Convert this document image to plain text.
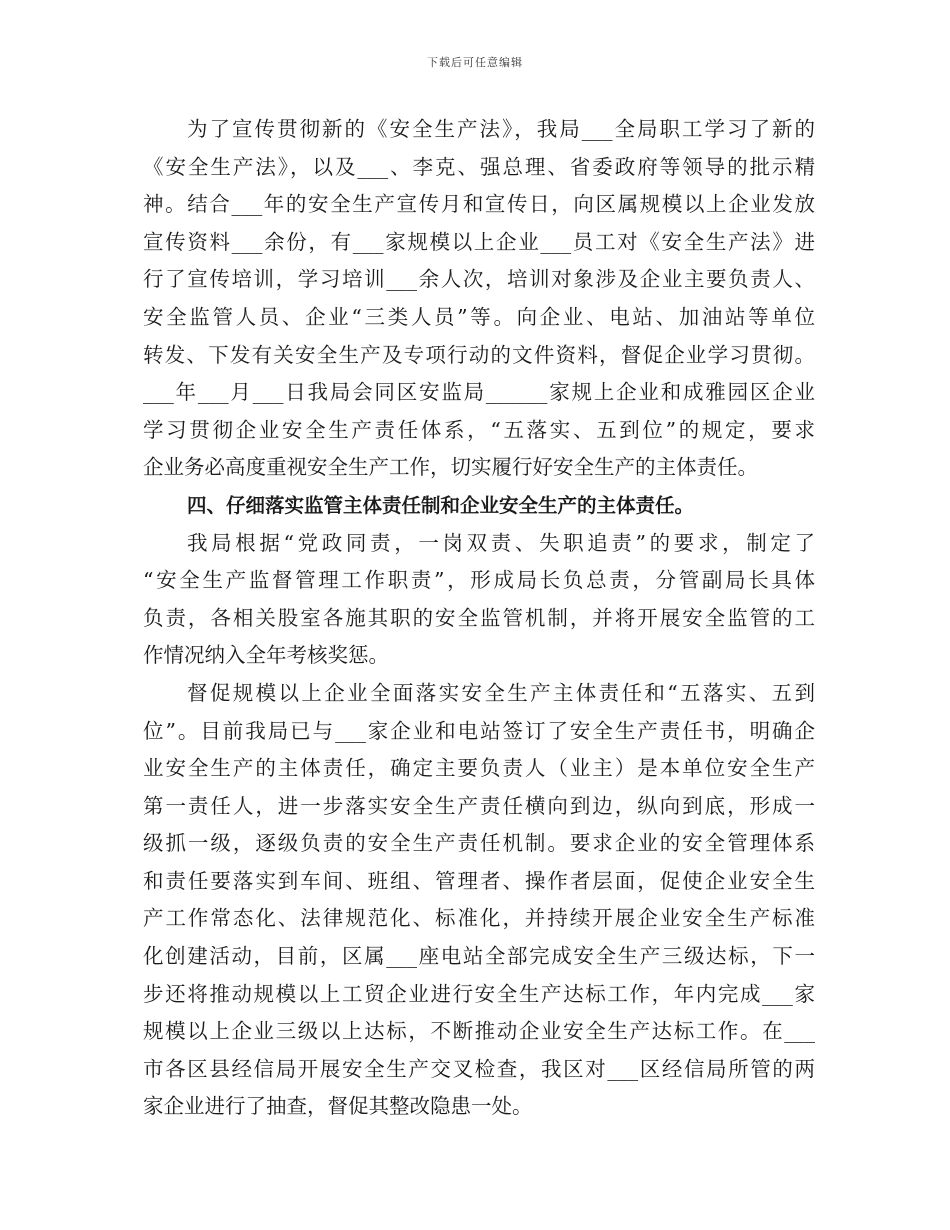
下载后可任意编辑
为了宣传贯彻新的《安全生产法》，我局___全局职工学习了新的
《安全生产法》，以及___、李克、强总理、省委政府等领导的批示精
神。结合___年的安全生产宣传月和宣传日，向区属规模以上企业发放
宣传资料___余份，有___家规模以上企业___员工对《安全生产法》进
行了宣传培训，学习培训___余人次，培训对象涉及企业主要负责人、
安全监管人员、企业“三类人员”等。向企业、电站、加油站等单位
转发、下发有关安全生产及专项行动的文件资料，督促企业学习贯彻。
___年___月___日我局会同区安监局______家规上企业和成雅园区企业
学习贯彻企业安全生产责任体系，“五落实、五到位”的规定，要求
企业务必高度重视安全生产工作，切实履行好安全生产的主体责任。
四、仔细落实监管主体责任制和企业安全生产的主体责任。
我局根据“党政同责，一岗双责、失职追责”的要求，制定了
“安全生产监督管理工作职责”，形成局长负总责，分管副局长具体
负责，各相关股室各施其职的安全监管机制，并将开展安全监管的工
作情况纳入全年考核奖惩。
督促规模以上企业全面落实安全生产主体责任和“五落实、五到
位”。目前我局已与___家企业和电站签订了安全生产责任书，明确企
业安全生产的主体责任，确定主要负责人（业主）是本单位安全生产
第一责任人，进一步落实安全生产责任横向到边，纵向到底，形成一
级抓一级，逐级负责的安全生产责任机制。要求企业的安全管理体系
和责任要落实到车间、班组、管理者、操作者层面，促使企业安全生
产工作常态化、法律规范化、标准化，并持续开展企业安全生产标准
化创建活动，目前，区属___座电站全部完成安全生产三级达标，下一
步还将推动规模以上工贸企业进行安全生产达标工作，年内完成___家
规模以上企业三级以上达标，不断推动企业安全生产达标工作。在___
市各区县经信局开展安全生产交叉检查，我区对___区经信局所管的两
家企业进行了抽查，督促其整改隐患一处。
